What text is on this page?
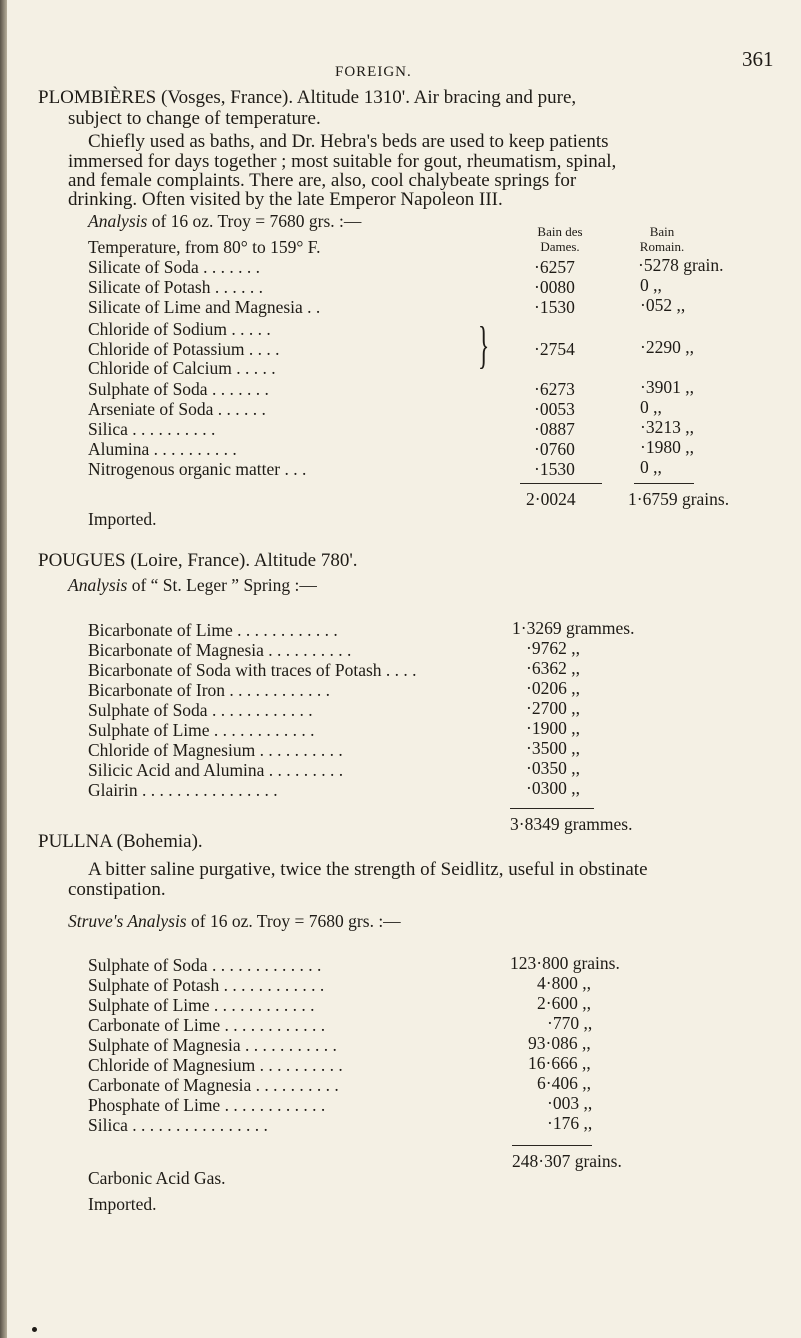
FOREIGN.
361
PLOMBIÈRES (Vosges, France). Altitude 1310'. Air bracing and pure,
subject to change of temperature.
Chiefly used as baths, and Dr. Hebra's beds are used to keep patients
immersed for days together ; most suitable for gout, rheumatism, spinal,
and female complaints. There are, also, cool chalybeate springs for
drinking. Often visited by the late Emperor Napoleon III.
Analysis of 16 oz. Troy = 7680 grs. :—
Bain des
Dames.
Bain
Romain.
Temperature, from 80° to 159° F.
Silicate of Soda . . . . . . .	·6257	·5278 grain.
Silicate of Potash . . . . . .	·0080	0 ,,
Silicate of Lime and Magnesia . .	·1530	·052 ,,
Chloride of Sodium . . . . .
Chloride of Potassium . . . .	}	·2754	·2290 ,,
Chloride of Calcium . . . . .
Sulphate of Soda . . . . . . .	·6273	·3901 ,,
Arseniate of Soda . . . . . .	·0053	0 ,,
Silica . . . . . . . . . .	·0887	·3213 ,,
Alumina . . . . . . . . . .	·0760	·1980 ,,
Nitrogenous organic matter . . .	·1530	0 ,,
2·0024	1·6759 grains.
Imported.
POUGUES (Loire, France). Altitude 780'.
Analysis of “ St. Leger ” Spring :—
Bicarbonate of Lime . . . . . . . . . . . .	1·3269 grammes.
Bicarbonate of Magnesia . . . . . . . . . .	·9762 ,,
Bicarbonate of Soda with traces of Potash . . . .	·6362 ,,
Bicarbonate of Iron . . . . . . . . . . . .	·0206 ,,
Sulphate of Soda . . . . . . . . . . . .	·2700 ,,
Sulphate of Lime . . . . . . . . . . . .	·1900 ,,
Chloride of Magnesium . . . . . . . . . .	·3500 ,,
Silicic Acid and Alumina . . . . . . . . .	·0350 ,,
Glairin . . . . . . . . . . . . . . . .	·0300 ,,
3·8349 grammes.
PULLNA (Bohemia).
A bitter saline purgative, twice the strength of Seidlitz, useful in obstinate
constipation.
Struve's Analysis of 16 oz. Troy = 7680 grs. :—
Sulphate of Soda . . . . . . . . . . . . .	123·800 grains.
Sulphate of Potash . . . . . . . . . . . .	4·800 ,,
Sulphate of Lime . . . . . . . . . . . .	2·600 ,,
Carbonate of Lime . . . . . . . . . . . .	·770 ,,
Sulphate of Magnesia . . . . . . . . . . .	93·086 ,,
Chloride of Magnesium . . . . . . . . . .	16·666 ,,
Carbonate of Magnesia . . . . . . . . . .	6·406 ,,
Phosphate of Lime . . . . . . . . . . . .	·003 ,,
Silica . . . . . . . . . . . . . . . .	·176 ,,
248·307 grains.
Carbonic Acid Gas.
Imported.
